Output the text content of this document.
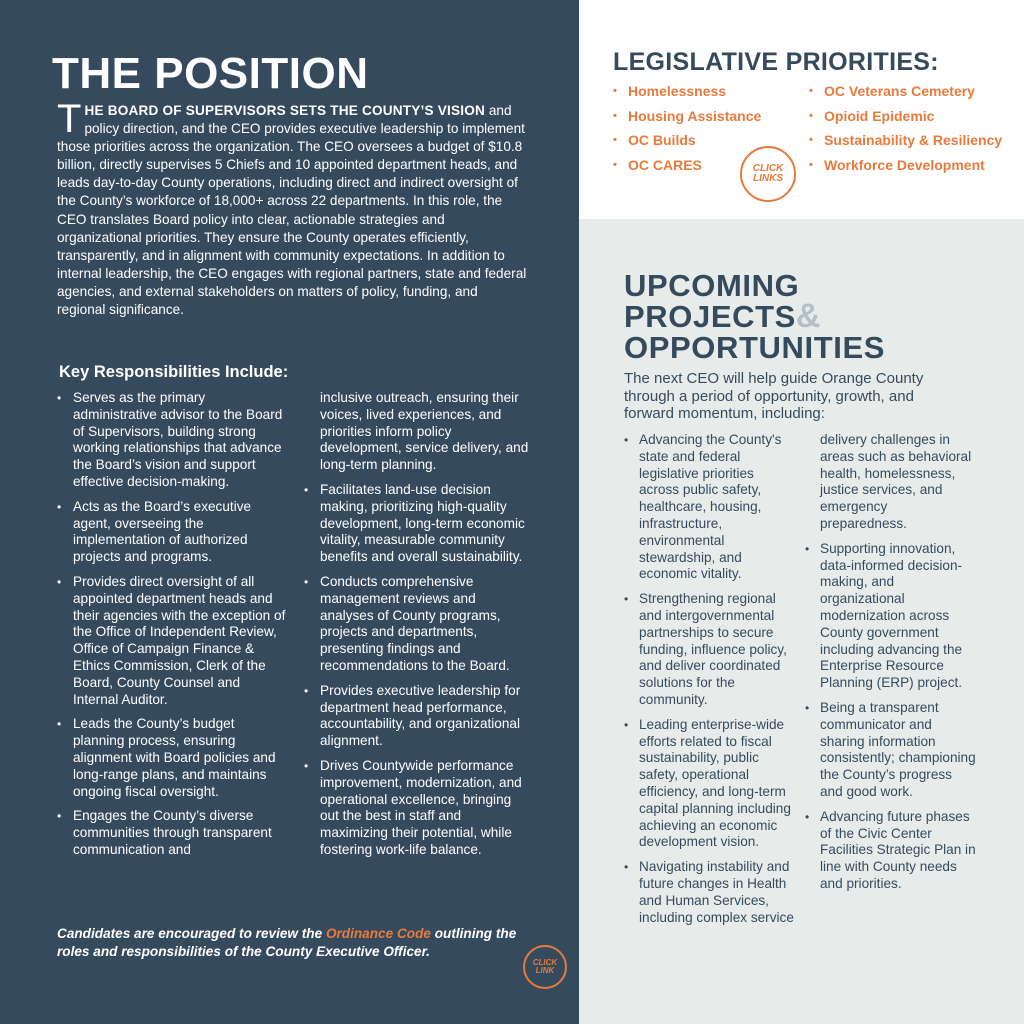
THE POSITION

THE BOARD OF SUPERVISORS SETS THE COUNTY’S VISION and policy direction, and the CEO provides executive leadership to implement those priorities across the organization. The CEO oversees a budget of $10.8 billion, directly supervises 5 Chiefs and 10 appointed department heads, and leads day-to-day County operations, including direct and indirect oversight of the County’s workforce of 18,000+ across 22 departments. In this role, the CEO translates Board policy into clear, actionable strategies and organizational priorities. They ensure the County operates efficiently, transparently, and in alignment with community expectations. In addition to internal leadership, the CEO engages with regional partners, state and federal agencies, and external stakeholders on matters of policy, funding, and regional significance.

Key Responsibilities Include:
• Serves as the primary administrative advisor to the Board of Supervisors, building strong working relationships that advance the Board’s vision and support effective decision-making.
• Acts as the Board’s executive agent, overseeing the implementation of authorized projects and programs.
• Provides direct oversight of all appointed department heads and their agencies with the exception of the Office of Independent Review, Office of Campaign Finance & Ethics Commission, Clerk of the Board, County Counsel and Internal Auditor.
• Leads the County’s budget planning process, ensuring alignment with Board policies and long-range plans, and maintains ongoing fiscal oversight.
• Engages the County’s diverse communities through transparent communication and
inclusive outreach, ensuring their voices, lived experiences, and priorities inform policy development, service delivery, and long-term planning.
• Facilitates land-use decision making, prioritizing high-quality development, long-term economic vitality, measurable community benefits and overall sustainability.
• Conducts comprehensive management reviews and analyses of County programs, projects and departments, presenting findings and recommendations to the Board.
• Provides executive leadership for department head performance, accountability, and organizational alignment.
• Drives Countywide performance improvement, modernization, and operational excellence, bringing out the best in staff and maximizing their potential, while fostering work-life balance.

Candidates are encouraged to review the Ordinance Code outlining the roles and responsibilities of the County Executive Officer.

CLICK
LINK
LEGISLATIVE PRIORITIES:
• Homelessness
• Housing Assistance
• OC Builds
• OC CARES
• OC Veterans Cemetery
• Opioid Epidemic
• Sustainability & Resiliency
• Workforce Development
CLICK
LINKS
UPCOMING
PROJECTS&
OPPORTUNITIES

The next CEO will help guide Orange County through a period of opportunity, growth, and forward momentum, including:

• Advancing the County's state and federal legislative priorities across public safety, healthcare, housing, infrastructure, environmental stewardship, and economic vitality.
• Strengthening regional and intergovernmental partnerships to secure funding, influence policy, and deliver coordinated solutions for the community.
• Leading enterprise-wide efforts related to fiscal sustainability, public safety, operational efficiency, and long-term capital planning including achieving an economic development vision.
• Navigating instability and future changes in Health and Human Services, including complex service
delivery challenges in areas such as behavioral health, homelessness, justice services, and emergency preparedness.
• Supporting innovation, data-informed decision-making, and organizational modernization across County government including advancing the Enterprise Resource Planning (ERP) project.
• Being a transparent communicator and sharing information consistently; championing the County’s progress and good work.
• Advancing future phases of the Civic Center Facilities Strategic Plan in line with County needs and priorities.
